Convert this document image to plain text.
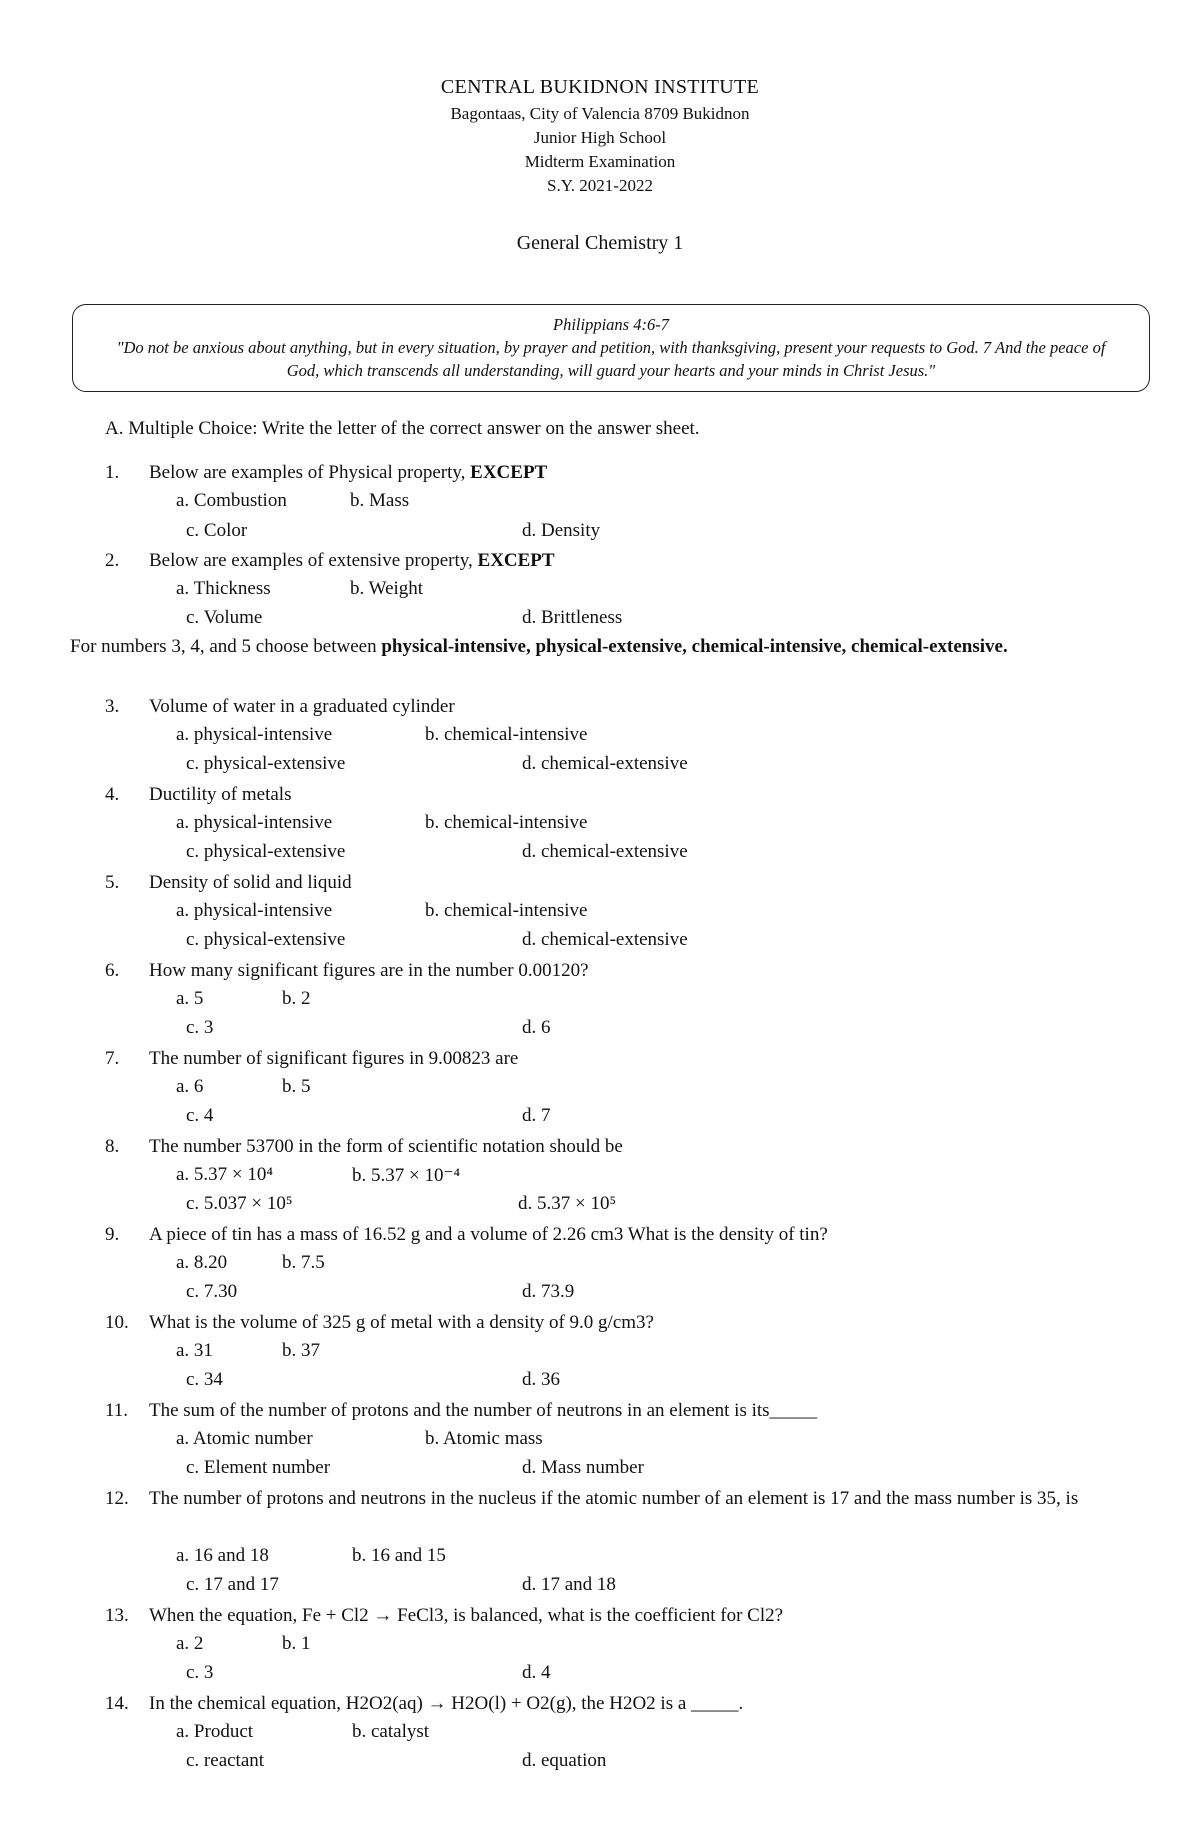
CENTRAL BUKIDNON INSTITUTE
Bagontaas, City of Valencia 8709 Bukidnon
Junior High School
Midterm Examination
S.Y. 2021-2022
General Chemistry 1
Philippians 4:6-7
"Do not be anxious about anything, but in every situation, by prayer and petition, with thanksgiving, present your requests to God. 7 And the peace of God, which transcends all understanding, will guard your hearts and your minds in Christ Jesus."
A. Multiple Choice: Write the letter of the correct answer on the answer sheet.
1. Below are examples of Physical property, EXCEPT
a. Combustion	b. Mass
c. Color	d. Density
2. Below are examples of extensive property, EXCEPT
a. Thickness	b. Weight
c. Volume	d. Brittleness
For numbers 3, 4, and 5 choose between physical-intensive, physical-extensive, chemical-intensive, chemical-extensive.
3. Volume of water in a graduated cylinder
a. physical-intensive	b. chemical-intensive
c. physical-extensive	d. chemical-extensive
4. Ductility of metals
a. physical-intensive	b. chemical-intensive
c. physical-extensive	d. chemical-extensive
5. Density of solid and liquid
a. physical-intensive	b. chemical-intensive
c. physical-extensive	d. chemical-extensive
6. How many significant figures are in the number 0.00120?
a. 5	b. 2
c. 3	d. 6
7. The number of significant figures in 9.00823 are
a. 6	b. 5
c. 4	d. 7
8. The number 53700 in the form of scientific notation should be
a. 5.37 × 10⁴	b. 5.37 × 10⁻⁴
c. 5.037 × 10⁵	d. 5.37 × 10⁵
9. A piece of tin has a mass of 16.52 g and a volume of 2.26 cm3 What is the density of tin?
a. 8.20	b. 7.5
c. 7.30	d. 73.9
10. What is the volume of 325 g of metal with a density of 9.0 g/cm3?
a. 31	b. 37
c. 34	d. 36
11. The sum of the number of protons and the number of neutrons in an element is its_____
a. Atomic number	b. Atomic mass
c. Element number	d. Mass number
12. The number of protons and neutrons in the nucleus if the atomic number of an element is 17 and the mass number is 35, is
a. 16 and 18	b. 16 and 15
c. 17 and 17	d. 17 and 18
13. When the equation, Fe + Cl2 → FeCl3, is balanced, what is the coefficient for Cl2?
a. 2	b. 1
c. 3	d. 4
14. In the chemical equation, H2O2(aq) → H2O(l) + O2(g), the H2O2 is a _____.
a. Product	b. catalyst
c. reactant	d. equation
